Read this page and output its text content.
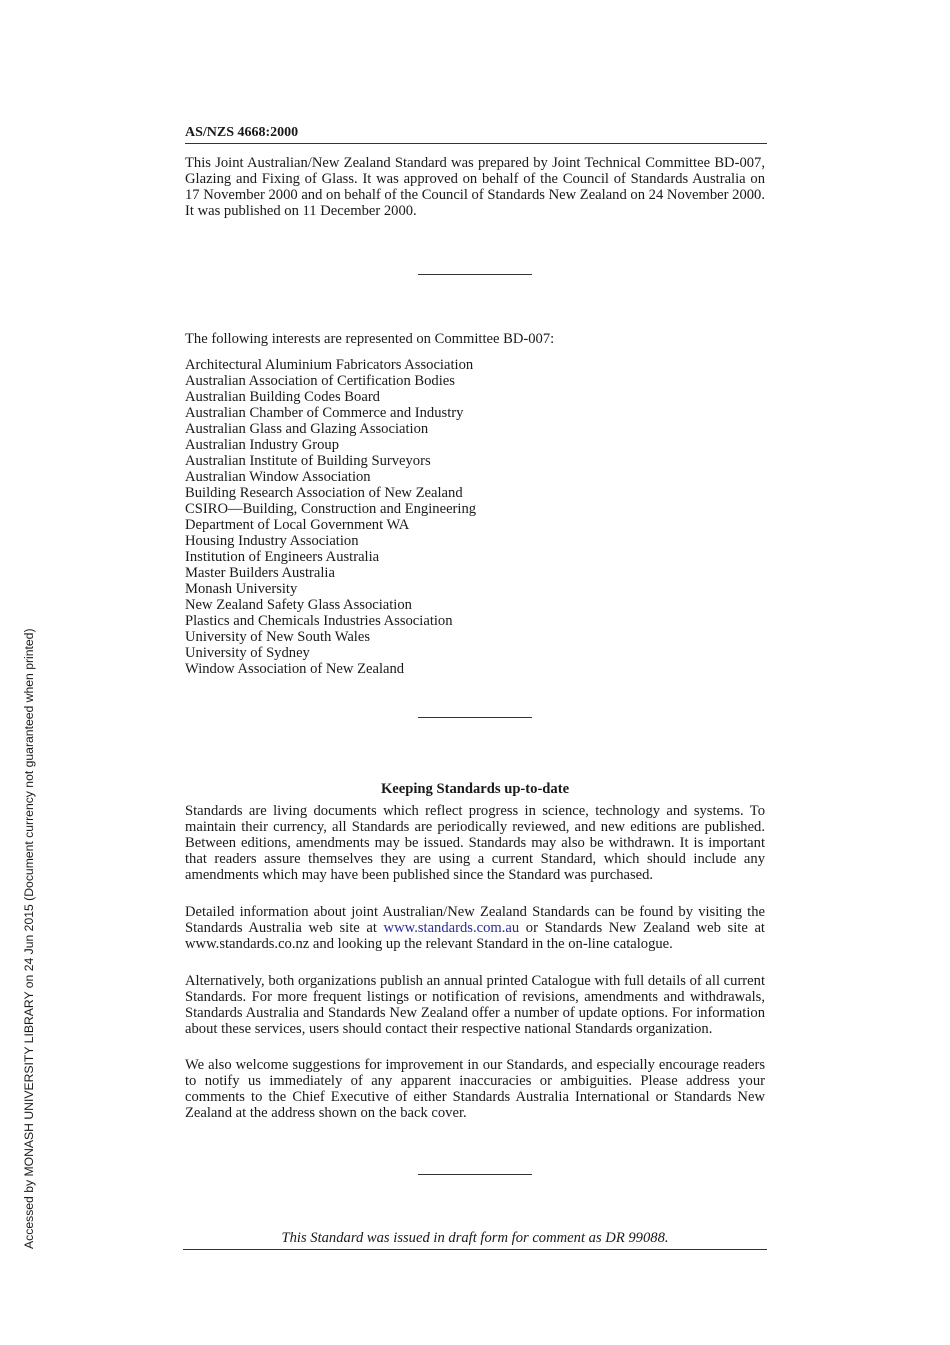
Accessed by MONASH UNIVERSITY LIBRARY on 24 Jun 2015 (Document currency not guaranteed when printed)
AS/NZS 4668:2000

This Joint Australian/New Zealand Standard was prepared by Joint Technical Committee BD-007, Glazing and Fixing of Glass. It was approved on behalf of the Council of Standards Australia on 17 November 2000 and on behalf of the Council of Standards New Zealand on 24 November 2000. It was published on 11 December 2000.

The following interests are represented on Committee BD-007:

Architectural Aluminium Fabricators Association
Australian Association of Certification Bodies
Australian Building Codes Board
Australian Chamber of Commerce and Industry
Australian Glass and Glazing Association
Australian Industry Group
Australian Institute of Building Surveyors
Australian Window Association
Building Research Association of New Zealand
CSIRO—Building, Construction and Engineering
Department of Local Government WA
Housing Industry Association
Institution of Engineers Australia
Master Builders Australia
Monash University
New Zealand Safety Glass Association
Plastics and Chemicals Industries Association
University of New South Wales
University of Sydney
Window Association of New Zealand
Keeping Standards up-to-date

Standards are living documents which reflect progress in science, technology and systems. To maintain their currency, all Standards are periodically reviewed, and new editions are published. Between editions, amendments may be issued. Standards may also be withdrawn. It is important that readers assure themselves they are using a current Standard, which should include any amendments which may have been published since the Standard was purchased.

Detailed information about joint Australian/New Zealand Standards can be found by visiting the Standards Australia web site at www.standards.com.au or Standards New Zealand web site at www.standards.co.nz and looking up the relevant Standard in the on-line catalogue.

Alternatively, both organizations publish an annual printed Catalogue with full details of all current Standards. For more frequent listings or notification of revisions, amendments and withdrawals, Standards Australia and Standards New Zealand offer a number of update options. For information about these services, users should contact their respective national Standards organization.

We also welcome suggestions for improvement in our Standards, and especially encourage readers to notify us immediately of any apparent inaccuracies or ambiguities. Please address your comments to the Chief Executive of either Standards Australia International or Standards New Zealand at the address shown on the back cover.

This Standard was issued in draft form for comment as DR 99088.
